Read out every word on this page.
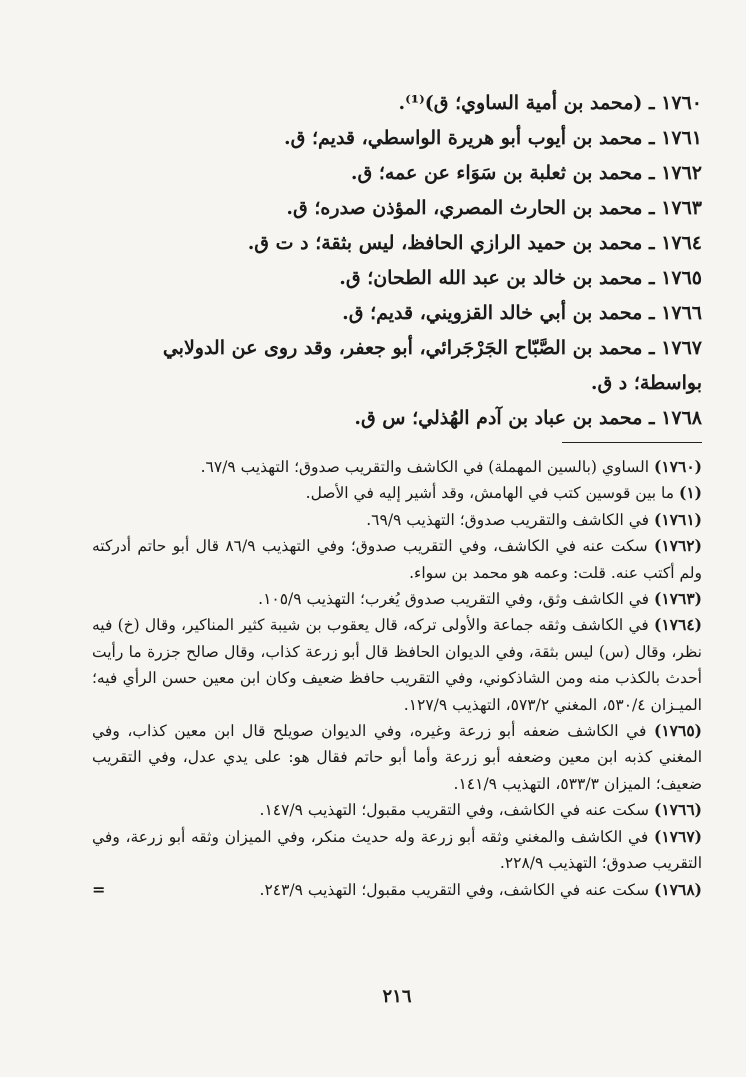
١٧٦٠ ـ (محمد بن أمية الساوي؛ ق)⁽¹⁾.
١٧٦١ ـ محمد بن أيوب أبو هريرة الواسطي، قديم؛ ق.
١٧٦٢ ـ محمد بن ثعلبة بن سَوَاء عن عمه؛ ق.
١٧٦٣ ـ محمد بن الحارث المصري، المؤذن صدره؛ ق.
١٧٦٤ ـ محمد بن حميد الرازي الحافظ، ليس بثقة؛ د ت ق.
١٧٦٥ ـ محمد بن خالد بن عبد الله الطحان؛ ق.
١٧٦٦ ـ محمد بن أبي خالد القزويني، قديم؛ ق.
١٧٦٧ ـ محمد بن الصَّبّاح الجَرْجَرائي، أبو جعفر، وقد روى عن الدولابي بواسطة؛ د ق.
١٧٦٨ ـ محمد بن عباد بن آدم الهُذلي؛ س ق.
(١٧٦٠) الساوي (بالسين المهملة) في الكاشف والتقريب صدوق؛ التهذيب ٦٧/٩.
(١) ما بين قوسين كتب في الهامش، وقد أشير إليه في الأصل.
(١٧٦١) في الكاشف والتقريب صدوق؛ التهذيب ٦٩/٩.
(١٧٦٢) سكت عنه في الكاشف، وفي التقريب صدوق؛ وفي التهذيب ٨٦/٩ قال أبو حاتم أدركته ولم أكتب عنه. قلت: وعمه هو محمد بن سواء.
(١٧٦٣) في الكاشف وثق، وفي التقريب صدوق يُغرب؛ التهذيب ١٠٥/٩.
(١٧٦٤) في الكاشف وثقه جماعة والأولى تركه، قال يعقوب بن شيبة كثير المناكير، وقال (خ) فيه نظر، وقال (س) ليس بثقة، وفي الديوان الحافظ قال أبو زرعة كذاب، وقال صالح جزرة ما رأيت أحدث بالكذب منه ومن الشاذكوني، وفي التقريب حافظ ضعيف وكان ابن معين حسن الرأي فيه؛ الميـزان ٥٣٠/٤، المغني ٥٧٣/٢، التهذيب ١٢٧/٩.
(١٧٦٥) في الكاشف ضعفه أبو زرعة وغيره، وفي الديوان صويلح قال ابن معين كذاب، وفي المغني كذبه ابن معين وضعفه أبو زرعة وأما أبو حاتم فقال هو: على يدي عدل، وفي التقريب ضعيف؛ الميزان ٥٣٣/٣، التهذيب ١٤١/٩.
(١٧٦٦) سكت عنه في الكاشف، وفي التقريب مقبول؛ التهذيب ١٤٧/٩.
(١٧٦٧) في الكاشف والمغني وثقه أبو زرعة وله حديث منكر، وفي الميزان وثقه أبو زرعة، وفي التقريب صدوق؛ التهذيب ٢٢٨/٩.
(١٧٦٨) سكت عنه في الكاشف، وفي التقريب مقبول؛ التهذيب ٢٤٣/٩.
=
٢١٦
